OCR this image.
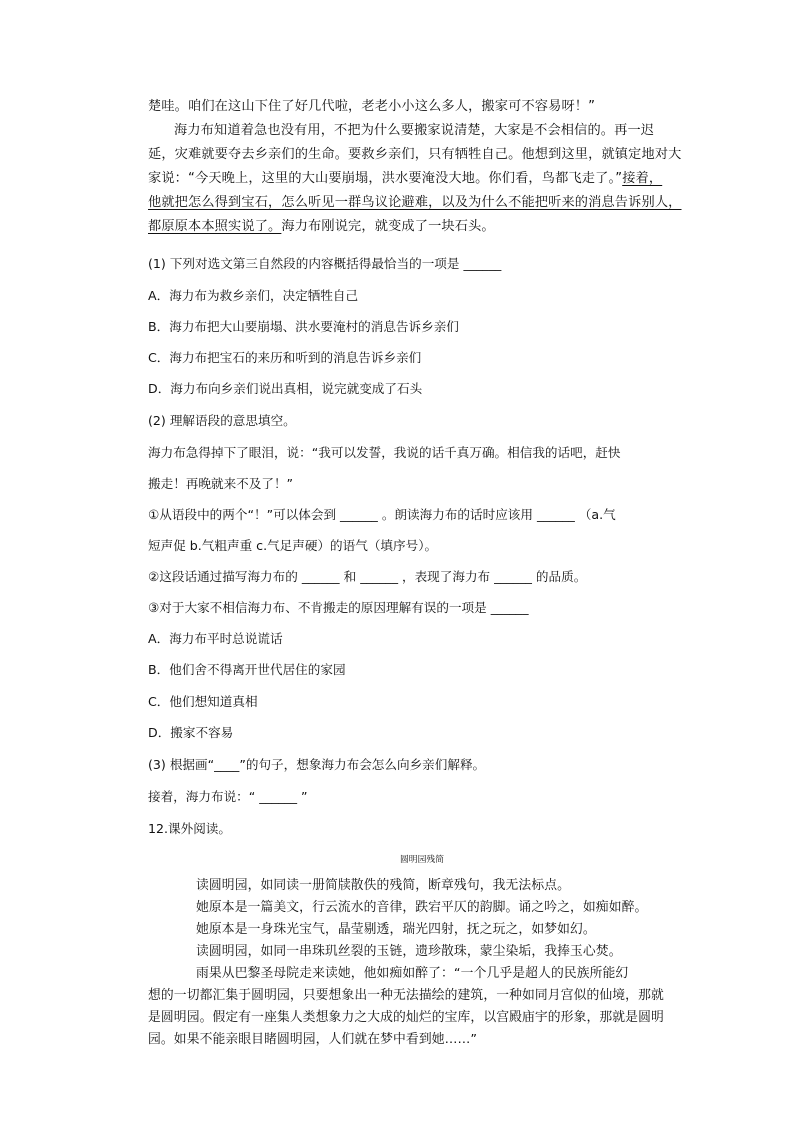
楚哇。咱们在这山下住了好几代啦，老老小小这么多人，搬家可不容易呀！”
海力布知道着急也没有用，不把为什么要搬家说清楚，大家是不会相信的。再一迟
延，灾难就要夺去乡亲们的生命。要救乡亲们，只有牺牲自己。他想到这里，就镇定地对大
家说：“今天晚上，这里的大山要崩塌，洪水要淹没大地。你们看，鸟都飞走了。”接着，
他就把怎么得到宝石，怎么听见一群鸟议论避难，以及为什么不能把听来的消息告诉别人，
都原原本本照实说了。海力布刚说完，就变成了一块石头。
(1) 下列对选文第三自然段的内容概括得最恰当的一项是 ______
A．海力布为救乡亲们，决定牺牲自己
B．海力布把大山要崩塌、洪水要淹村的消息告诉乡亲们
C．海力布把宝石的来历和听到的消息告诉乡亲们
D．海力布向乡亲们说出真相，说完就变成了石头
(2) 理解语段的意思填空。
海力布急得掉下了眼泪，说：“我可以发誓，我说的话千真万确。相信我的话吧，赶快
搬走！再晚就来不及了！”
①从语段中的两个“！”可以体会到 ______ 。朗读海力布的话时应该用 ______ （a.气
短声促 b.气粗声重 c.气足声硬）的语气（填序号）。
②这段话通过描写海力布的 ______ 和 ______ ，表现了海力布 ______ 的品质。
③对于大家不相信海力布、不肯搬走的原因理解有误的一项是 ______
A．海力布平时总说谎话
B．他们舍不得离开世代居住的家园
C．他们想知道真相
D．搬家不容易
(3) 根据画“____”的句子，想象海力布会怎么向乡亲们解释。
接着，海力布说：“ ______ ”
12.课外阅读。
圆明园残简
读圆明园，如同读一册简牍散佚的残简，断章残句，我无法标点。
她原本是一篇美文，行云流水的音律，跌宕平仄的韵脚。诵之吟之，如痴如醉。
她原本是一身珠光宝气，晶莹剔透，瑞光四射，抚之玩之，如梦如幻。
读圆明园，如同一串珠玑丝裂的玉链，遗珍散珠，蒙尘染垢，我捧玉心焚。
雨果从巴黎圣母院走来读她，他如痴如醉了：“一个几乎是超人的民族所能幻
想的一切都汇集于圆明园，只要想象出一种无法描绘的建筑，一种如同月宫似的仙境，那就
是圆明园。假定有一座集人类想象力之大成的灿烂的宝库，以宫殿庙宇的形象，那就是圆明
园。如果不能亲眼目睹圆明园，人们就在梦中看到她……”
